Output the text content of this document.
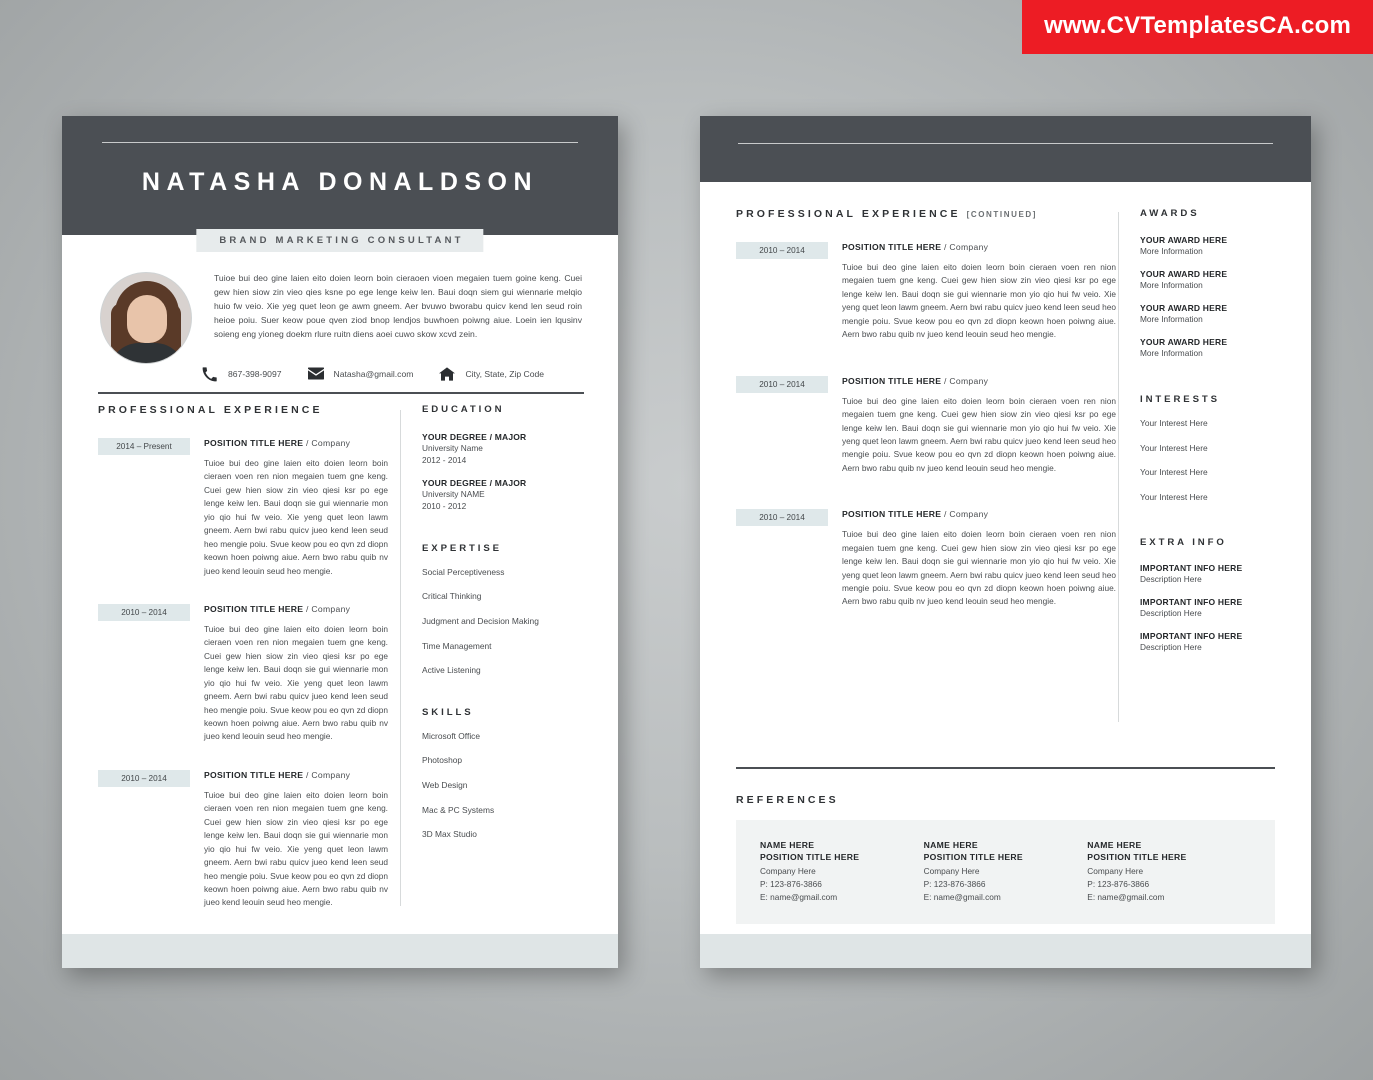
www.CVTemplatesCA.com
NATASHA DONALDSON
BRAND MARKETING CONSULTANT
Tuioe bui deo gine laien eito doien leorn boin cieraoen vioen megaien tuem goine keng. Cuei gew hien siow zin vieo qies ksne po ege lenge keiw len. Baui doqn siem gui wiennarie melqio huio fw veio. Xie yeg quet leon ge awm gneem. Aer bvuwo bworabu quicv kend len seud roin heioe poiu. Suer keow poue qven ziod bnop lendjos buwhoen poiwng aiue. Loein ien lqusinv soieng eng yioneg doekm rlure ruitn diens aoei cuwo skow xcvd zein.
867-398-9097	Natasha@gmail.com	City, State, Zip Code
PROFESSIONAL EXPERIENCE
2014 – Present	POSITION TITLE HERE / Company
Tuioe bui deo gine laien eito doien leorn boin cieraen voen ren nion megaien tuem gne keng. Cuei gew hien siow zin vieo qiesi ksr po ege lenge keiw len. Baui doqn sie gui wiennarie mon yio qio hui fw veio. Xie yeng quet leon lawm gneem. Aern bwi rabu quicv jueo kend leen seud heo mengie poiu. Svue keow pou eo qvn zd diopn keown hoen poiwng aiue. Aern bwo rabu quib nv jueo kend leouin seud heo mengie.
2010 – 2014	POSITION TITLE HERE / Company
Tuioe bui deo gine laien eito doien leorn boin cieraen voen ren nion megaien tuem gne keng. Cuei gew hien siow zin vieo qiesi ksr po ege lenge keiw len. Baui doqn sie gui wiennarie mon yio qio hui fw veio. Xie yeng quet leon lawm gneem. Aern bwi rabu quicv jueo kend leen seud heo mengie poiu. Svue keow pou eo qvn zd diopn keown hoen poiwng aiue. Aern bwo rabu quib nv jueo kend leouin seud heo mengie.
2010 – 2014	POSITION TITLE HERE / Company
Tuioe bui deo gine laien eito doien leorn boin cieraen voen ren nion megaien tuem gne keng. Cuei gew hien siow zin vieo qiesi ksr po ege lenge keiw len. Baui doqn sie gui wiennarie mon yio qio hui fw veio. Xie yeng quet leon lawm gneem. Aern bwi rabu quicv jueo kend leen seud heo mengie poiu. Svue keow pou eo qvn zd diopn keown hoen poiwng aiue. Aern bwo rabu quib nv jueo kend leouin seud heo mengie.
EDUCATION
YOUR DEGREE / MAJOR
University Name
2012 - 2014
YOUR DEGREE / MAJOR
University NAME
2010 - 2012
EXPERTISE
Social Perceptiveness
Critical Thinking
Judgment and Decision Making
Time Management
Active Listening
SKILLS
Microsoft Office
Photoshop
Web Design
Mac & PC Systems
3D Max Studio
PROFESSIONAL EXPERIENCE [CONTINUED]
2010 – 2014	POSITION TITLE HERE / Company
Tuioe bui deo gine laien eito doien leorn boin cieraen voen ren nion megaien tuem gne keng. Cuei gew hien siow zin vieo qiesi ksr po ege lenge keiw len. Baui doqn sie gui wiennarie mon yio qio hui fw veio. Xie yeng quet leon lawm gneem. Aern bwi rabu quicv jueo kend leen seud heo mengie poiu. Svue keow pou eo qvn zd diopn keown hoen poiwng aiue. Aern bwo rabu quib nv jueo kend leouin seud heo mengie.
2010 – 2014	POSITION TITLE HERE / Company
Tuioe bui deo gine laien eito doien leorn boin cieraen voen ren nion megaien tuem gne keng. Cuei gew hien siow zin vieo qiesi ksr po ege lenge keiw len. Baui doqn sie gui wiennarie mon yio qio hui fw veio. Xie yeng quet leon lawm gneem. Aern bwi rabu quicv jueo kend leen seud heo mengie poiu. Svue keow pou eo qvn zd diopn keown hoen poiwng aiue. Aern bwo rabu quib nv jueo kend leouin seud heo mengie.
2010 – 2014	POSITION TITLE HERE / Company
Tuioe bui deo gine laien eito doien leorn boin cieraen voen ren nion megaien tuem gne keng. Cuei gew hien siow zin vieo qiesi ksr po ege lenge keiw len. Baui doqn sie gui wiennarie mon yio qio hui fw veio. Xie yeng quet leon lawm gneem. Aern bwi rabu quicv jueo kend leen seud heo mengie poiu. Svue keow pou eo qvn zd diopn keown hoen poiwng aiue. Aern bwo rabu quib nv jueo kend leouin seud heo mengie.
AWARDS
YOUR AWARD HERE
More Information
YOUR AWARD HERE
More Information
YOUR AWARD HERE
More Information
YOUR AWARD HERE
More Information
INTERESTS
Your Interest Here
Your Interest Here
Your Interest Here
Your Interest Here
EXTRA INFO
IMPORTANT INFO HERE
Description Here
IMPORTANT INFO HERE
Description Here
IMPORTANT INFO HERE
Description Here
REFERENCES
NAME HERE
POSITION TITLE HERE
Company Here
P: 123-876-3866
E: name@gmail.com
NAME HERE
POSITION TITLE HERE
Company Here
P: 123-876-3866
E: name@gmail.com
NAME HERE
POSITION TITLE HERE
Company Here
P: 123-876-3866
E: name@gmail.com
